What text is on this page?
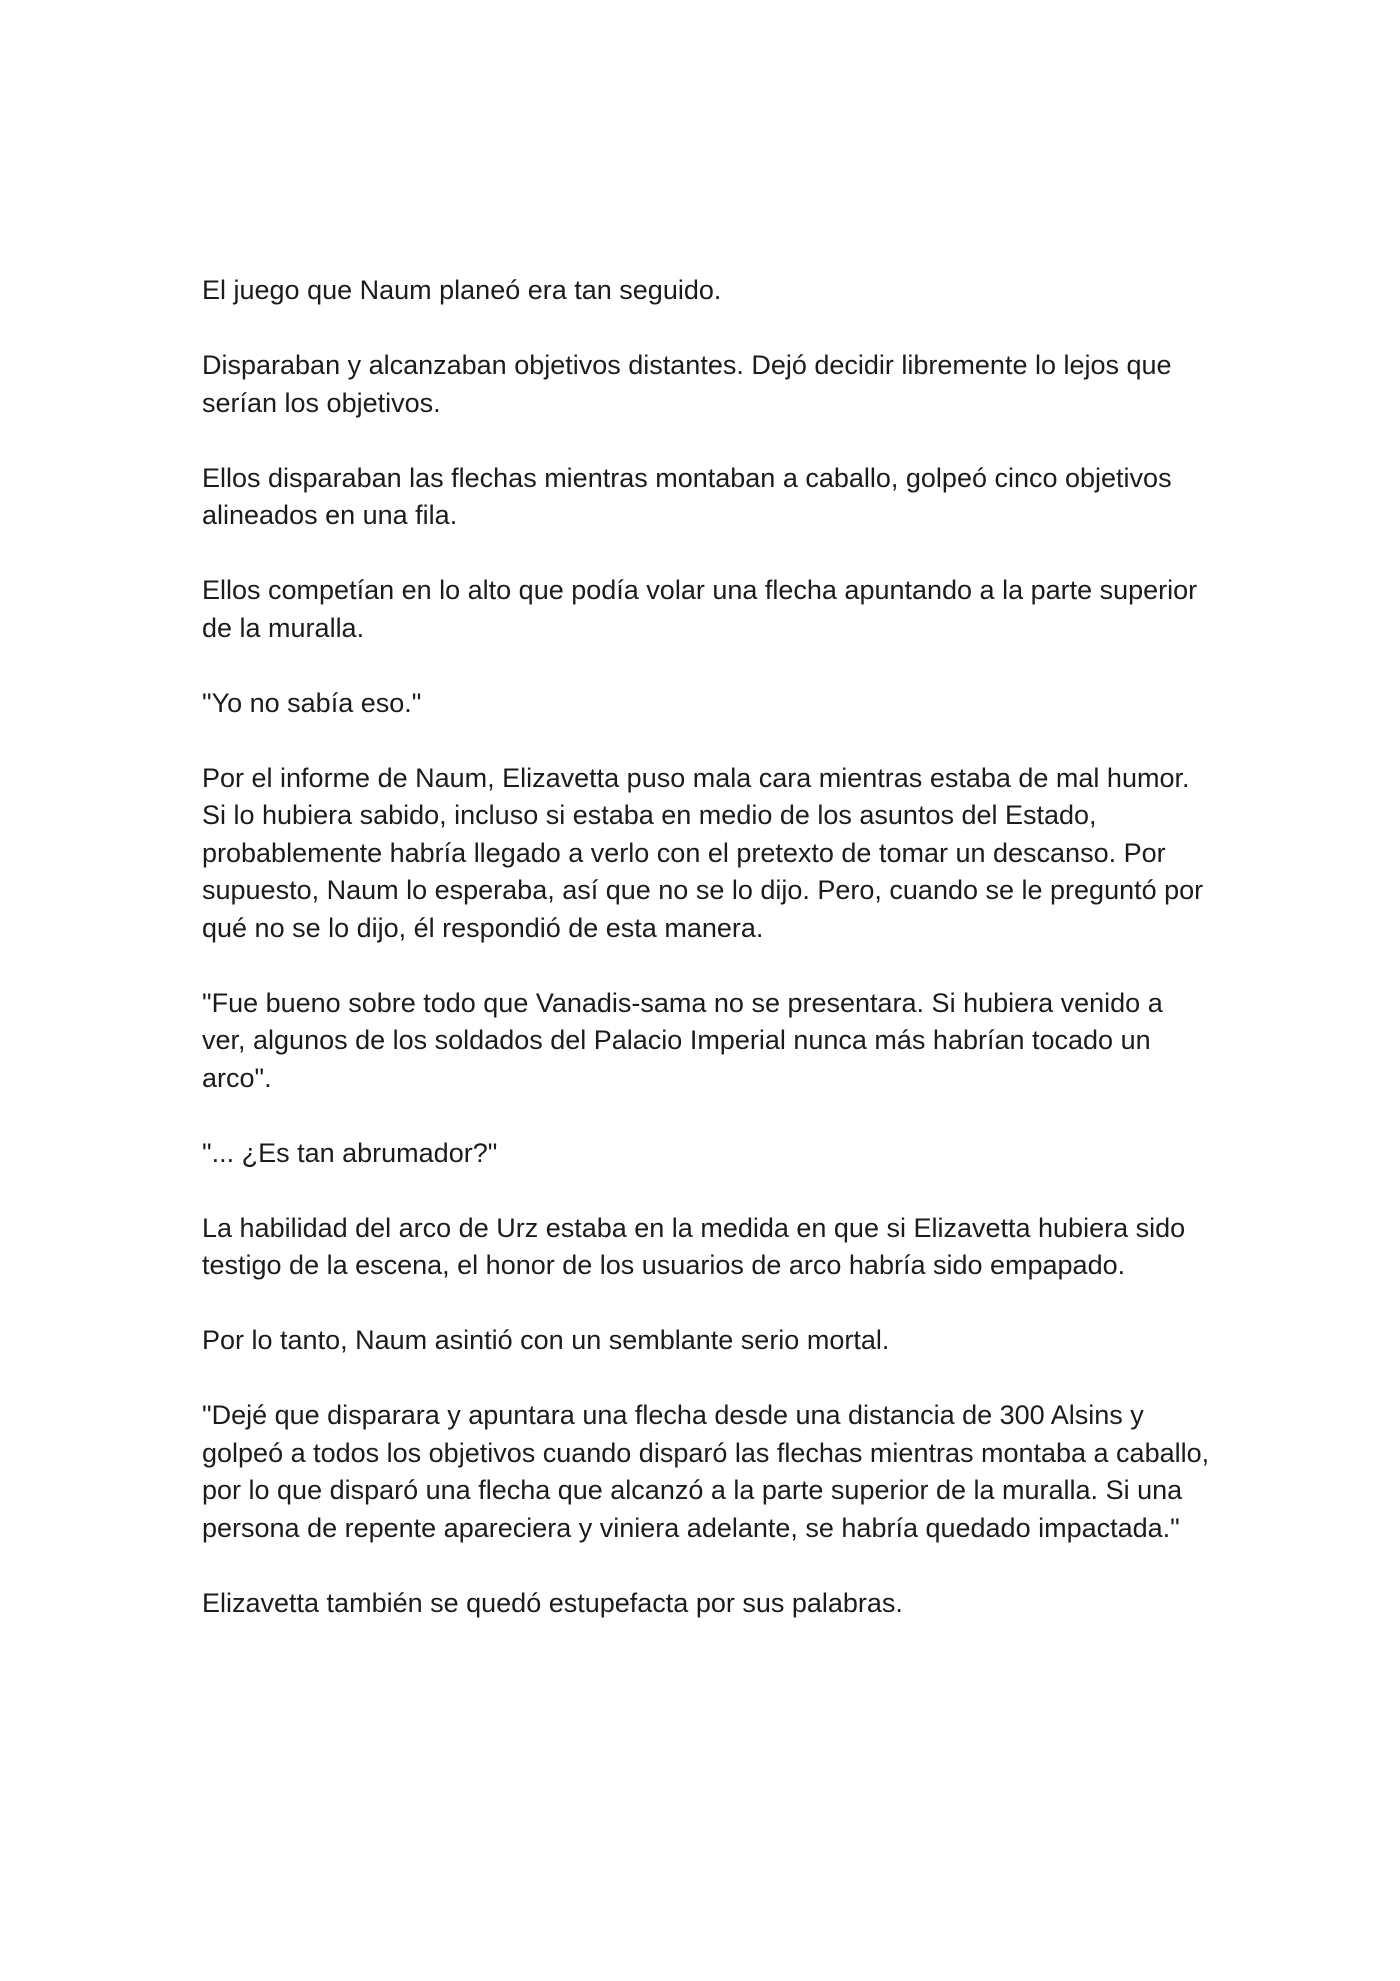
El juego que Naum planeó era tan seguido.

Disparaban y alcanzaban objetivos distantes. Dejó decidir libremente lo lejos que serían los objetivos.

Ellos disparaban las flechas mientras montaban a caballo, golpeó cinco objetivos alineados en una fila.

Ellos competían en lo alto que podía volar una flecha apuntando a la parte superior de la muralla.

"Yo no sabía eso."

Por el informe de Naum, Elizavetta puso mala cara mientras estaba de mal humor. Si lo hubiera sabido, incluso si estaba en medio de los asuntos del Estado, probablemente habría llegado a verlo con el pretexto de tomar un descanso. Por supuesto, Naum lo esperaba, así que no se lo dijo. Pero, cuando se le preguntó por qué no se lo dijo, él respondió de esta manera.

"Fue bueno sobre todo que Vanadis-sama no se presentara. Si hubiera venido a ver, algunos de los soldados del Palacio Imperial nunca más habrían tocado un arco".

"... ¿Es tan abrumador?"

La habilidad del arco de Urz estaba en la medida en que si Elizavetta hubiera sido testigo de la escena, el honor de los usuarios de arco habría sido empapado.

Por lo tanto, Naum asintió con un semblante serio mortal.

"Dejé que disparara y apuntara una flecha desde una distancia de 300 Alsins y golpeó a todos los objetivos cuando disparó las flechas mientras montaba a caballo, por lo que disparó una flecha que alcanzó a la parte superior de la muralla. Si una persona de repente apareciera y viniera adelante, se habría quedado impactada."

Elizavetta también se quedó estupefacta por sus palabras.
